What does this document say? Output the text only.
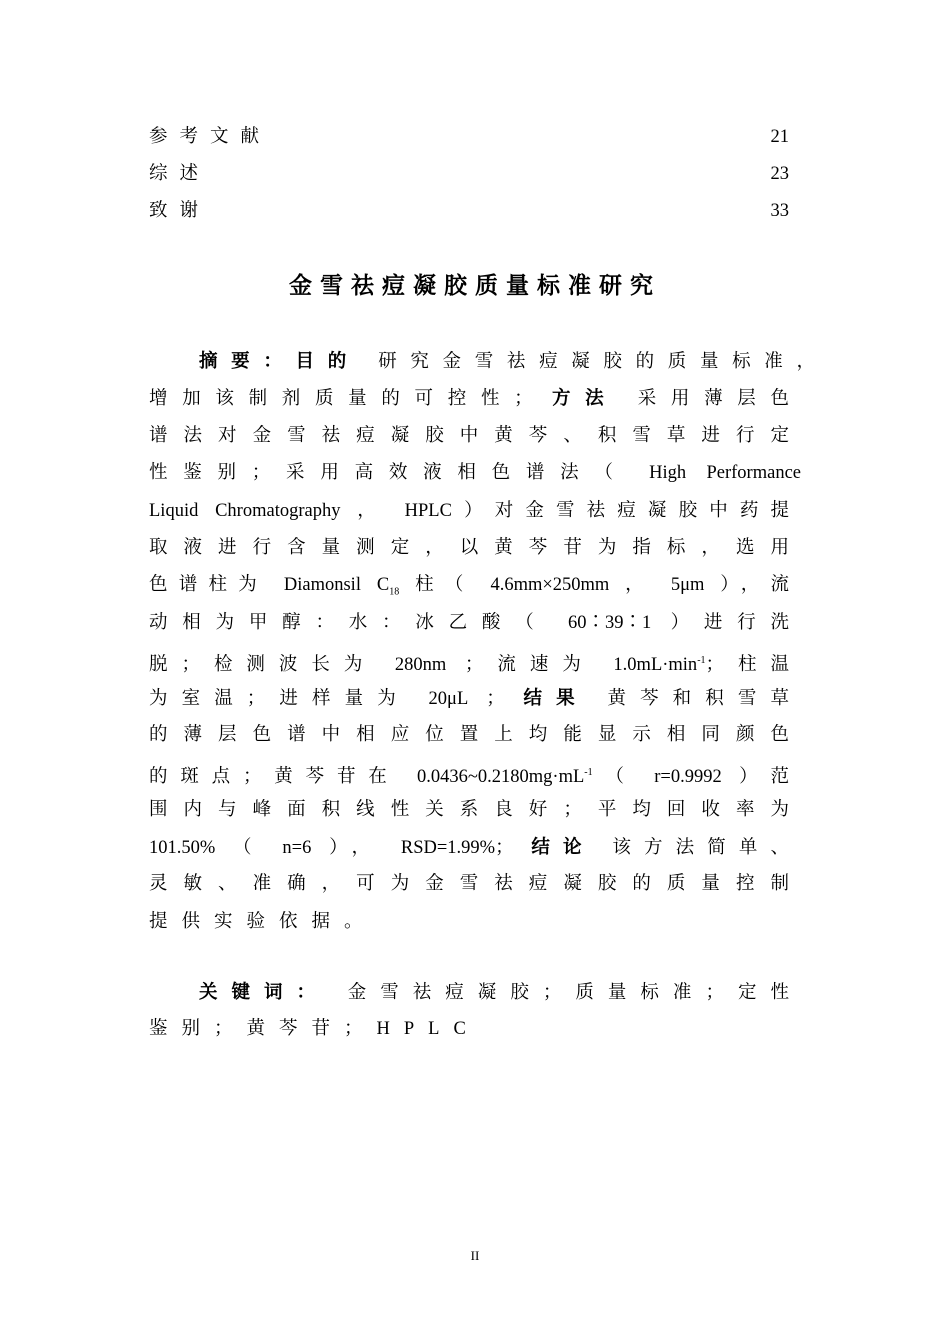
参考文献	21
综述	23
致谢	33
金雪祛痘凝胶质量标准研究
摘要：目的 研究金雪祛痘凝胶的质量标准，
增加该制剂质量的可控性； 方法 采用薄层色
谱法对金雪祛痘凝胶中黄芩、积雪草进行定
性鉴别；采用高效液相色谱法（ High Performance
Liquid Chromatography ， HPLC）对金雪祛痘凝胶中药提
取液进行含量测定，以黄芩苷为指标，选用
色谱柱为 Diamonsil $C_{18}$ 柱（ 4.6mm×250mm ， 5μm ），流
动相为甲醇：水：冰乙酸（ 60∶39∶1 ）进行洗
脱；检测波长为 280nm ；流速为 $1.0mL\cdot\min^{-1}$；柱温
为室温；进样量为 20μL ； 结果 黄芩和积雪草
的薄层色谱中相应位置上均能显示相同颜色
的斑点；黄芩苷在 $0.0436\sim 0.2180mg\cdot mL^{-1}$（ r=0.9992 ）范
围内与峰面积线性关系良好；平均回收率为
101.50% （ n=6 ）， RSD=1.99%； 结论 该方法简单、
灵敏、准确，可为金雪祛痘凝胶的质量控制
提供实验依据。
关键词： 金雪祛痘凝胶；质量标准；定性
鉴别；黄芩苷；HPLC
II
